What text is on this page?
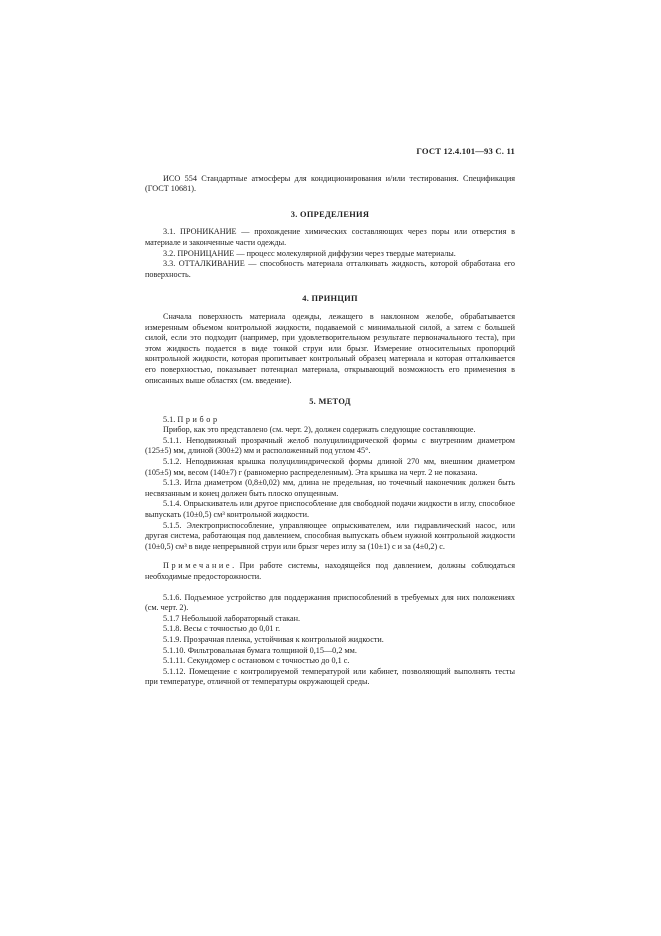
ГОСТ 12.4.101—93 С. 11

ИСО 554 Стандартные атмосферы для кондиционирования и/или тестирования. Спецификация (ГОСТ 10681).

3. ОПРЕДЕЛЕНИЯ

3.1. ПРОНИКАНИЕ — прохождение химических составляющих через поры или отверстия в материале и законченные части одежды.

3.2. ПРОНИЦАНИЕ — процесс молекулярной диффузии через твердые материалы.

3.3. ОТТАЛКИВАНИЕ — способность материала отталкивать жидкость, которой обработана его поверхность.

4. ПРИНЦИП

Сначала поверхность материала одежды, лежащего в наклонном желобе, обрабатывается измеренным объемом контрольной жидкости, подаваемой с минимальной силой, а затем с большей силой, если это подходит (например, при удовлетворительном результате первоначального теста), при этом жидкость подается в виде тонкой струи или брызг. Измерение относительных пропорций контрольной жидкости, которая пропитывает контрольный образец материала и которая отталкивается его поверхностью, показывает потенциал материала, открывающий возможность его применения в описанных выше областях (см. введение).

5. МЕТОД

5.1. Прибор

Прибор, как это представлено (см. черт. 2), должен содержать следующие составляющие.

5.1.1. Неподвижный прозрачный желоб полуцилиндрической формы с внутренним диаметром (125±5) мм, длиной (300±2) мм и расположенный под углом 45°.

5.1.2. Неподвижная крышка полуцилиндрической формы длиной 270 мм, внешним диаметром (105±5) мм, весом (140±7) г (равномерно распределенным). Эта крышка на черт. 2 не показана.

5.1.3. Игла диаметром (0,8±0,02) мм, длина не предельная, но точечный наконечник должен быть несвязанным и конец должен быть плоско опущенным.

5.1.4. Опрыскиватель или другое приспособление для свободной подачи жидкости в иглу, способное выпускать (10±0,5) см³ контрольной жидкости.

5.1.5. Электроприспособление, управляющее опрыскивателем, или гидравлический насос, или другая система, работающая под давлением, способная выпускать объем нужной контрольной жидкости (10±0,5) см³ в виде непрерывной струи или брызг через иглу за (10±1) с и за (4±0,2) с.

Примечание. При работе системы, находящейся под давлением, должны соблюдаться необходимые предосторожности.

5.1.6. Подъемное устройство для поддержания приспособлений в требуемых для них положениях (см. черт. 2).

5.1.7 Небольшой лабораторный стакан.

5.1.8. Весы с точностью до 0,01 г.

5.1.9. Прозрачная пленка, устойчивая к контрольной жидкости.

5.1.10. Фильтровальная бумага толщиной 0,15—0,2 мм.

5.1.11. Секундомер с остановом с точностью до 0,1 с.

5.1.12. Помещение с контролируемой температурой или кабинет, позволяющий выполнять тесты при температуре, отличной от температуры окружающей среды.
